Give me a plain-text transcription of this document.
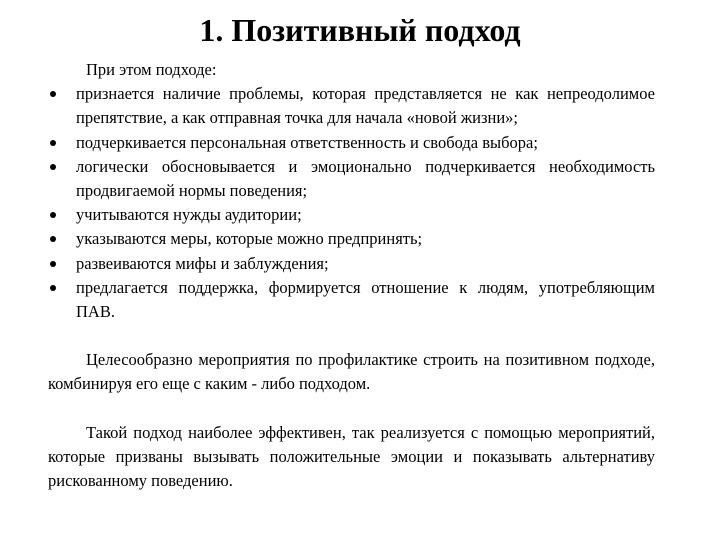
1. Позитивный подход

При этом подходе:

признается наличие проблемы, которая представляется не как непреодолимое препятствие, а как отправная точка для начала «новой жизни»;
подчеркивается персональная ответственность и свобода выбора;
логически обосновывается и эмоционально подчеркивается необходимость продвигаемой нормы поведения;
учитываются нужды аудитории;
указываются меры, которые можно предпринять;
развеиваются мифы и заблуждения;
предлагается поддержка, формируется отношение к людям, употребляющим ПАВ.

Целесообразно мероприятия по профилактике строить на позитивном подходе, комбинируя его еще с каким - либо подходом.

Такой подход наиболее эффективен, так реализуется с помощью мероприятий, которые призваны вызывать положительные эмоции и показывать альтернативу рискованному поведению.
